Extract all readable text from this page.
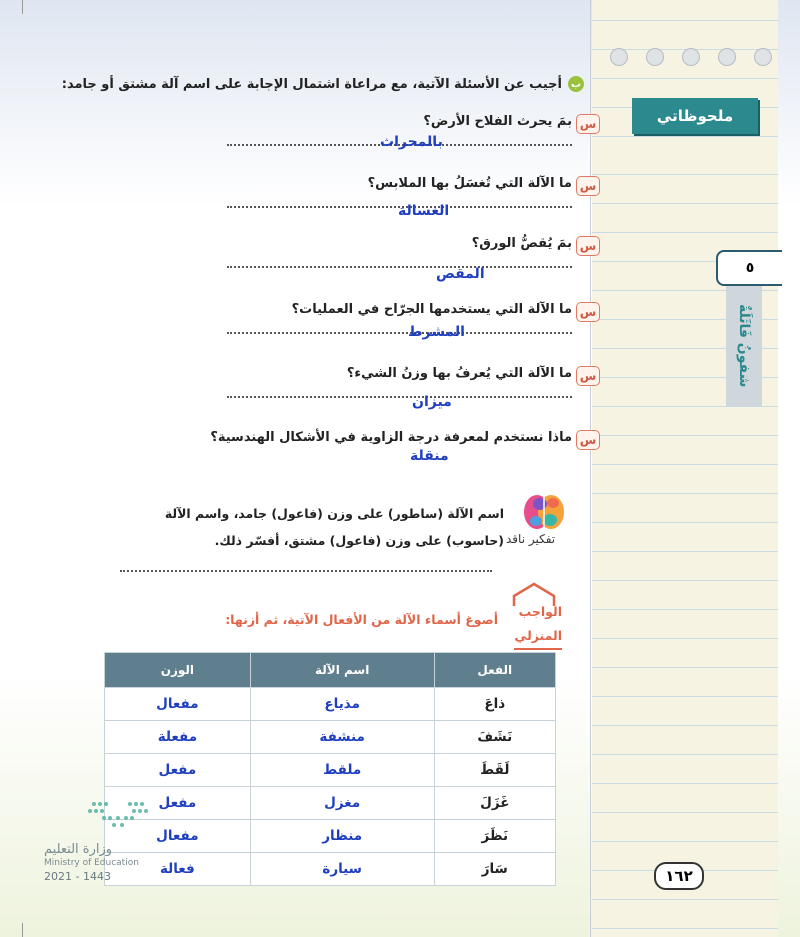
ملحوظاتي
٥
شفونُ فَاثَلَةٌ
١٦٢
ب
أجيب عن الأسئلة الآتية، مع مراعاة اشتمال الإجابة على اسم آلة مشتق أو جامد:
س
بمَ يحرث الفلاح الأرض؟
بالمحراث
س
ما الآلة التي تُغسَلُ بها الملابس؟
الغسالة
س
بمَ يُقصُّ الورق؟
المقص
س
ما الآلة التي يستخدمها الجرّاح في العمليات؟
المشرط
س
ما الآلة التي يُعرفُ بها وزنُ الشيء؟
ميزان
س
ماذا نستخدم لمعرفة درجة الزاوية في الأشكال الهندسية؟
منقلة
تفكير ناقد
اسم الآلة (ساطور) على وزن (فاعول) جامد، واسم الآلة (حاسوب) على وزن (فاعول) مشتق، أفسّر ذلك.
الواجب
المنزلي
أصوغ أسماء الآلة من الأفعال الآتية، ثم أزنها:
الفعل	اسم الآلة	الوزن
ذاعَ	مذياع	مفعال
نَشَفَ	منشفة	مفعلة
لَقَطَ	ملقط	مفعل
غَزَلَ	مغزل	مفعل
نَظَرَ	منظار	مفعال
سَارَ	سيارة	فعالة
وزارة التعليم
Ministry of Education
2021 - 1443
